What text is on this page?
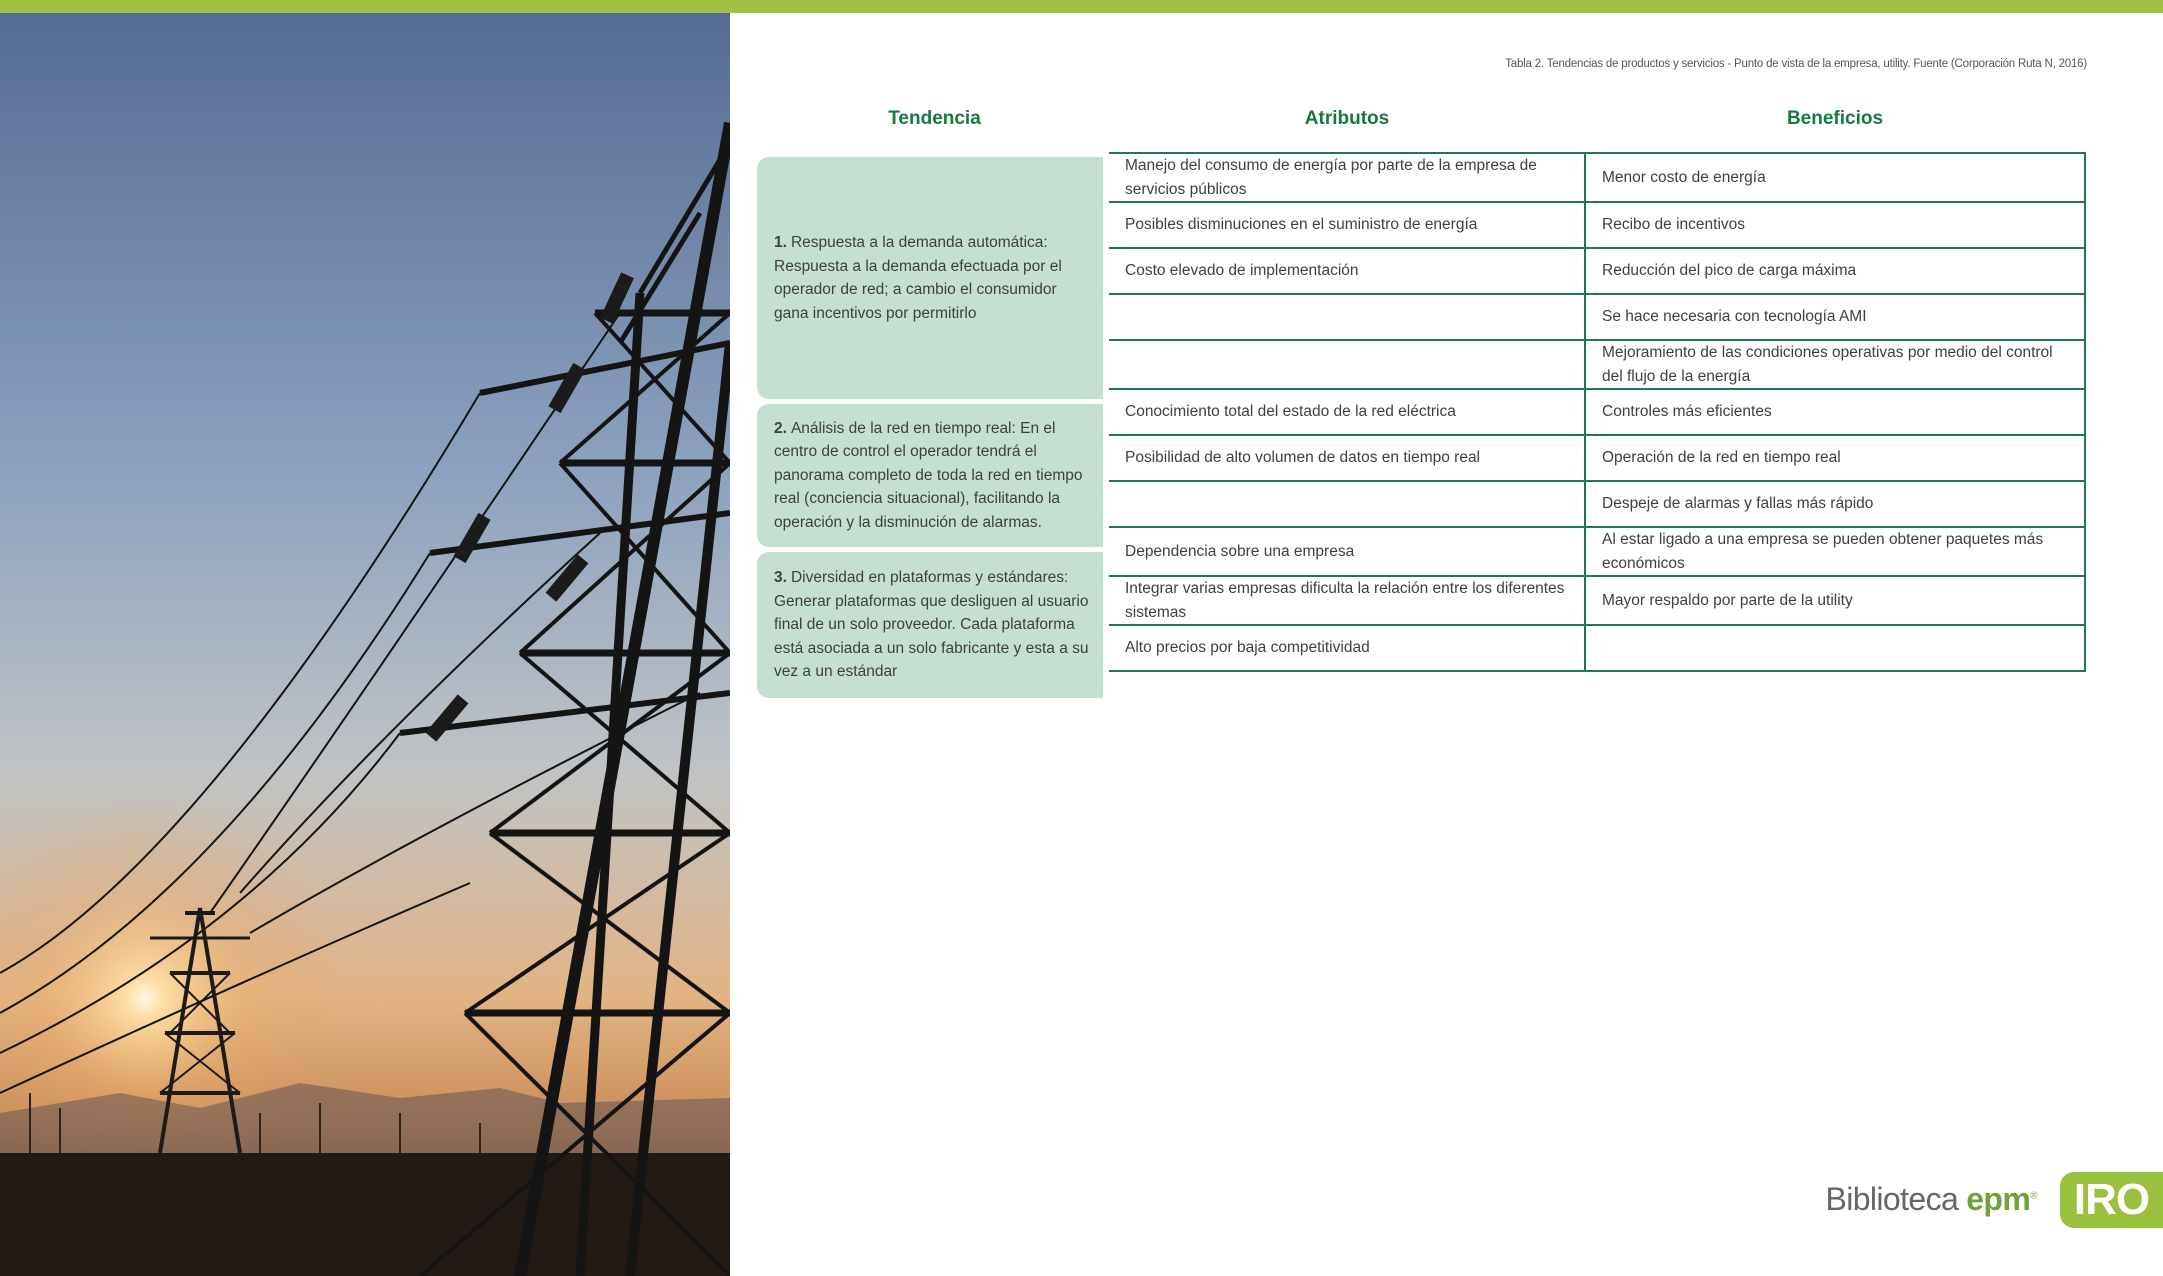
Tabla 2. Tendencias de productos y servicios - Punto de vista de la empresa, utility. Fuente (Corporación Ruta N, 2016)
Tendencia	Atributos	Beneficios
1. Respuesta a la demanda automática: Respuesta a la demanda efectuada por el operador de red; a cambio el consumidor gana incentivos por permitirlo
2. Análisis de la red en tiempo real: En el centro de control el operador tendrá el panorama completo de toda la red en tiempo real (conciencia situacional), facilitando la operación y la disminución de alarmas.
3. Diversidad en plataformas y estándares: Generar plataformas que desliguen al usuario final de un solo proveedor. Cada plataforma está asociada a un solo fabricante y esta a su vez a un estándar
Manejo del consumo de energía por parte de la empresa de servicios públicos	Menor costo de energía
Posibles disminuciones en el suministro de energía	Recibo de incentivos
Costo elevado de implementación	Reducción del pico de carga máxima
	Se hace necesaria con tecnología AMI
	Mejoramiento de las condiciones operativas por medio del control del flujo de la energía
Conocimiento total del estado de la red eléctrica	Controles más eficientes
Posibilidad de alto volumen de datos en tiempo real	Operación de la red en tiempo real
	Despeje de alarmas y fallas más rápido
Dependencia sobre una empresa	Al estar ligado a una empresa se pueden obtener paquetes más económicos
Integrar varias empresas dificulta la relación entre los diferentes sistemas	Mayor respaldo por parte de la utility
Alto precios por baja competitividad	
Biblioteca epm® IRO
